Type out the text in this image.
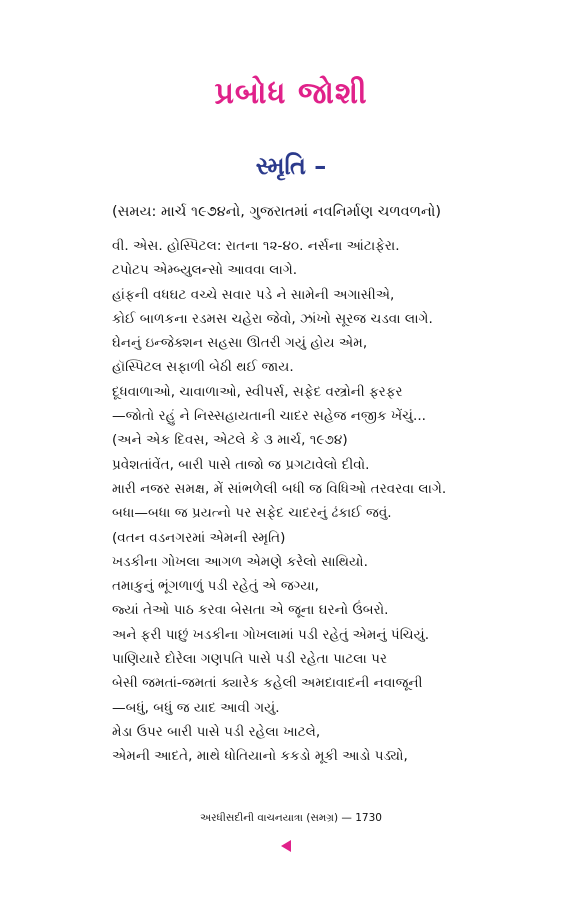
પ્રબોધ જોશી
સ્મૃતિ –
(સમય: માર્ચ ૧૯૭૪નો, ગુજરાતમાં નવનિર્માણ ચળવળનો)
વી. એસ. હોસ્પિટલ: રાતના ૧૨-૪૦. નર્સના આંટાફેરા.
ટપોટપ એમ્બ્યુલન્સો આવવા લાગે.
હાંફની વધઘટ વચ્ચે સવાર પડે ને સામેની અગાસીએ,
કોઈ બાળકના રડમસ ચહેરા જેવો, ઝાંખો સૂરજ ચડવા લાગે.
ઘેનનું ઇન્જેક્શન સહસા ઊતરી ગયું હોય એમ,
હૉસ્પિટલ સફાળી બેઠી થઈ જાય.
દૂધવાળાઓ, ચાવાળાઓ, સ્વીપર્સ, સફેદ વસ્ત્રોની ફરફર
—જોતો રહું ને નિસ્સહાયતાની ચાદર સહેજ નજીક ખેંચું...
(અને એક દિવસ, એટલે કે ૩ માર્ચ, ૧૯૭૪)
પ્રવેશતાંવેંત, બારી પાસે તાજો જ પ્રગટાવેલો દીવો.
મારી નજર સમક્ષ, મેં સાંભળેલી બધી જ વિધિઓ તરવરવા લાગે.
બધા—બધા જ પ્રયત્નો પર સફેદ ચાદરનું ઢંકાઈ જવું.
(વતન વડનગરમાં એમની સ્મૃતિ)
ખડકીના ગોખલા આગળ એમણે કરેલો સાથિયો.
તમાકુનું ભૂંગળાળું પડી રહેતું એ જગ્યા,
જ્યાં તેઓ પાઠ કરવા બેસતા એ જૂના ઘરનો ઉંબરો.
અને ફરી પાછું ખડકીના ગોખલામાં પડી રહેતું એમનું પંચિયું.
પાણિયારે દોરેલા ગણપતિ પાસે પડી રહેતા પાટલા પર
બેસી જમતાં-જમતાં ક્યારેક કહેલી અમદાવાદની નવાજૂની
—બધું, બધું જ યાદ આવી ગયું.
મેડા ઉપર બારી પાસે પડી રહેલા ખાટલે,
એમની આદતે, માથે ધોતિયાનો કકડો મૂકી આડો પડ્યો,
અરધીસદીની વાચનયાત્રા (સમગ્ર) — 1730
